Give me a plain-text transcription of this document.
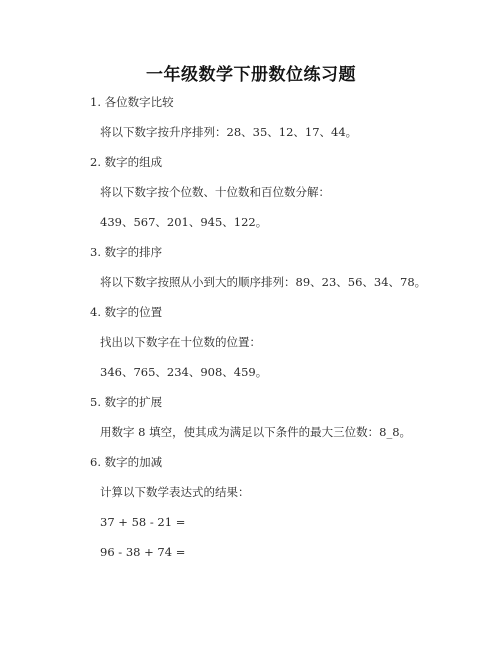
一年级数学下册数位练习题
1. 各位数字比较
将以下数字按升序排列：28、35、12、17、44。
2. 数字的组成
将以下数字按个位数、十位数和百位数分解：
439、567、201、945、122。
3. 数字的排序
将以下数字按照从小到大的顺序排列：89、23、56、34、78。
4. 数字的位置
找出以下数字在十位数的位置：
346、765、234、908、459。
5. 数字的扩展
用数字 8 填空，使其成为满足以下条件的最大三位数：8_8。
6. 数字的加减
计算以下数学表达式的结果：
37 + 58 - 21 =
96 - 38 + 74 =
